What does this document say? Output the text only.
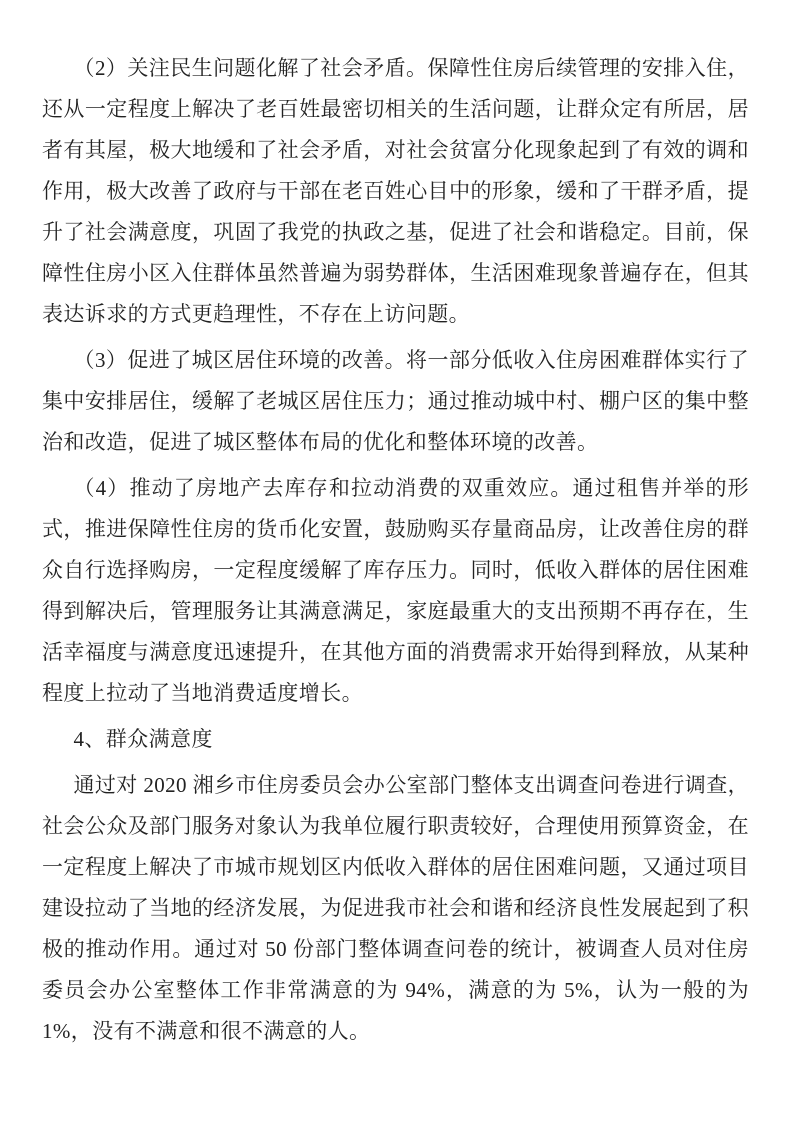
（2）关注民生问题化解了社会矛盾。保障性住房后续管理的安排入住，还从一定程度上解决了老百姓最密切相关的生活问题，让群众定有所居，居者有其屋，极大地缓和了社会矛盾，对社会贫富分化现象起到了有效的调和作用，极大改善了政府与干部在老百姓心目中的形象，缓和了干群矛盾，提升了社会满意度，巩固了我党的执政之基，促进了社会和谐稳定。目前，保障性住房小区入住群体虽然普遍为弱势群体，生活困难现象普遍存在，但其表达诉求的方式更趋理性，不存在上访问题。

（3）促进了城区居住环境的改善。将一部分低收入住房困难群体实行了集中安排居住，缓解了老城区居住压力；通过推动城中村、棚户区的集中整治和改造，促进了城区整体布局的优化和整体环境的改善。

（4）推动了房地产去库存和拉动消费的双重效应。通过租售并举的形式，推进保障性住房的货币化安置，鼓励购买存量商品房，让改善住房的群众自行选择购房，一定程度缓解了库存压力。同时，低收入群体的居住困难得到解决后，管理服务让其满意满足，家庭最重大的支出预期不再存在，生活幸福度与满意度迅速提升，在其他方面的消费需求开始得到释放，从某种程度上拉动了当地消费适度增长。

4、群众满意度

通过对 2020 湘乡市住房委员会办公室部门整体支出调查问卷进行调查，社会公众及部门服务对象认为我单位履行职责较好，合理使用预算资金，在一定程度上解决了市城市规划区内低收入群体的居住困难问题，又通过项目建设拉动了当地的经济发展，为促进我市社会和谐和经济良性发展起到了积极的推动作用。通过对 50 份部门整体调查问卷的统计，被调查人员对住房委员会办公室整体工作非常满意的为 94%，满意的为 5%，认为一般的为 1%，没有不满意和很不满意的人。
